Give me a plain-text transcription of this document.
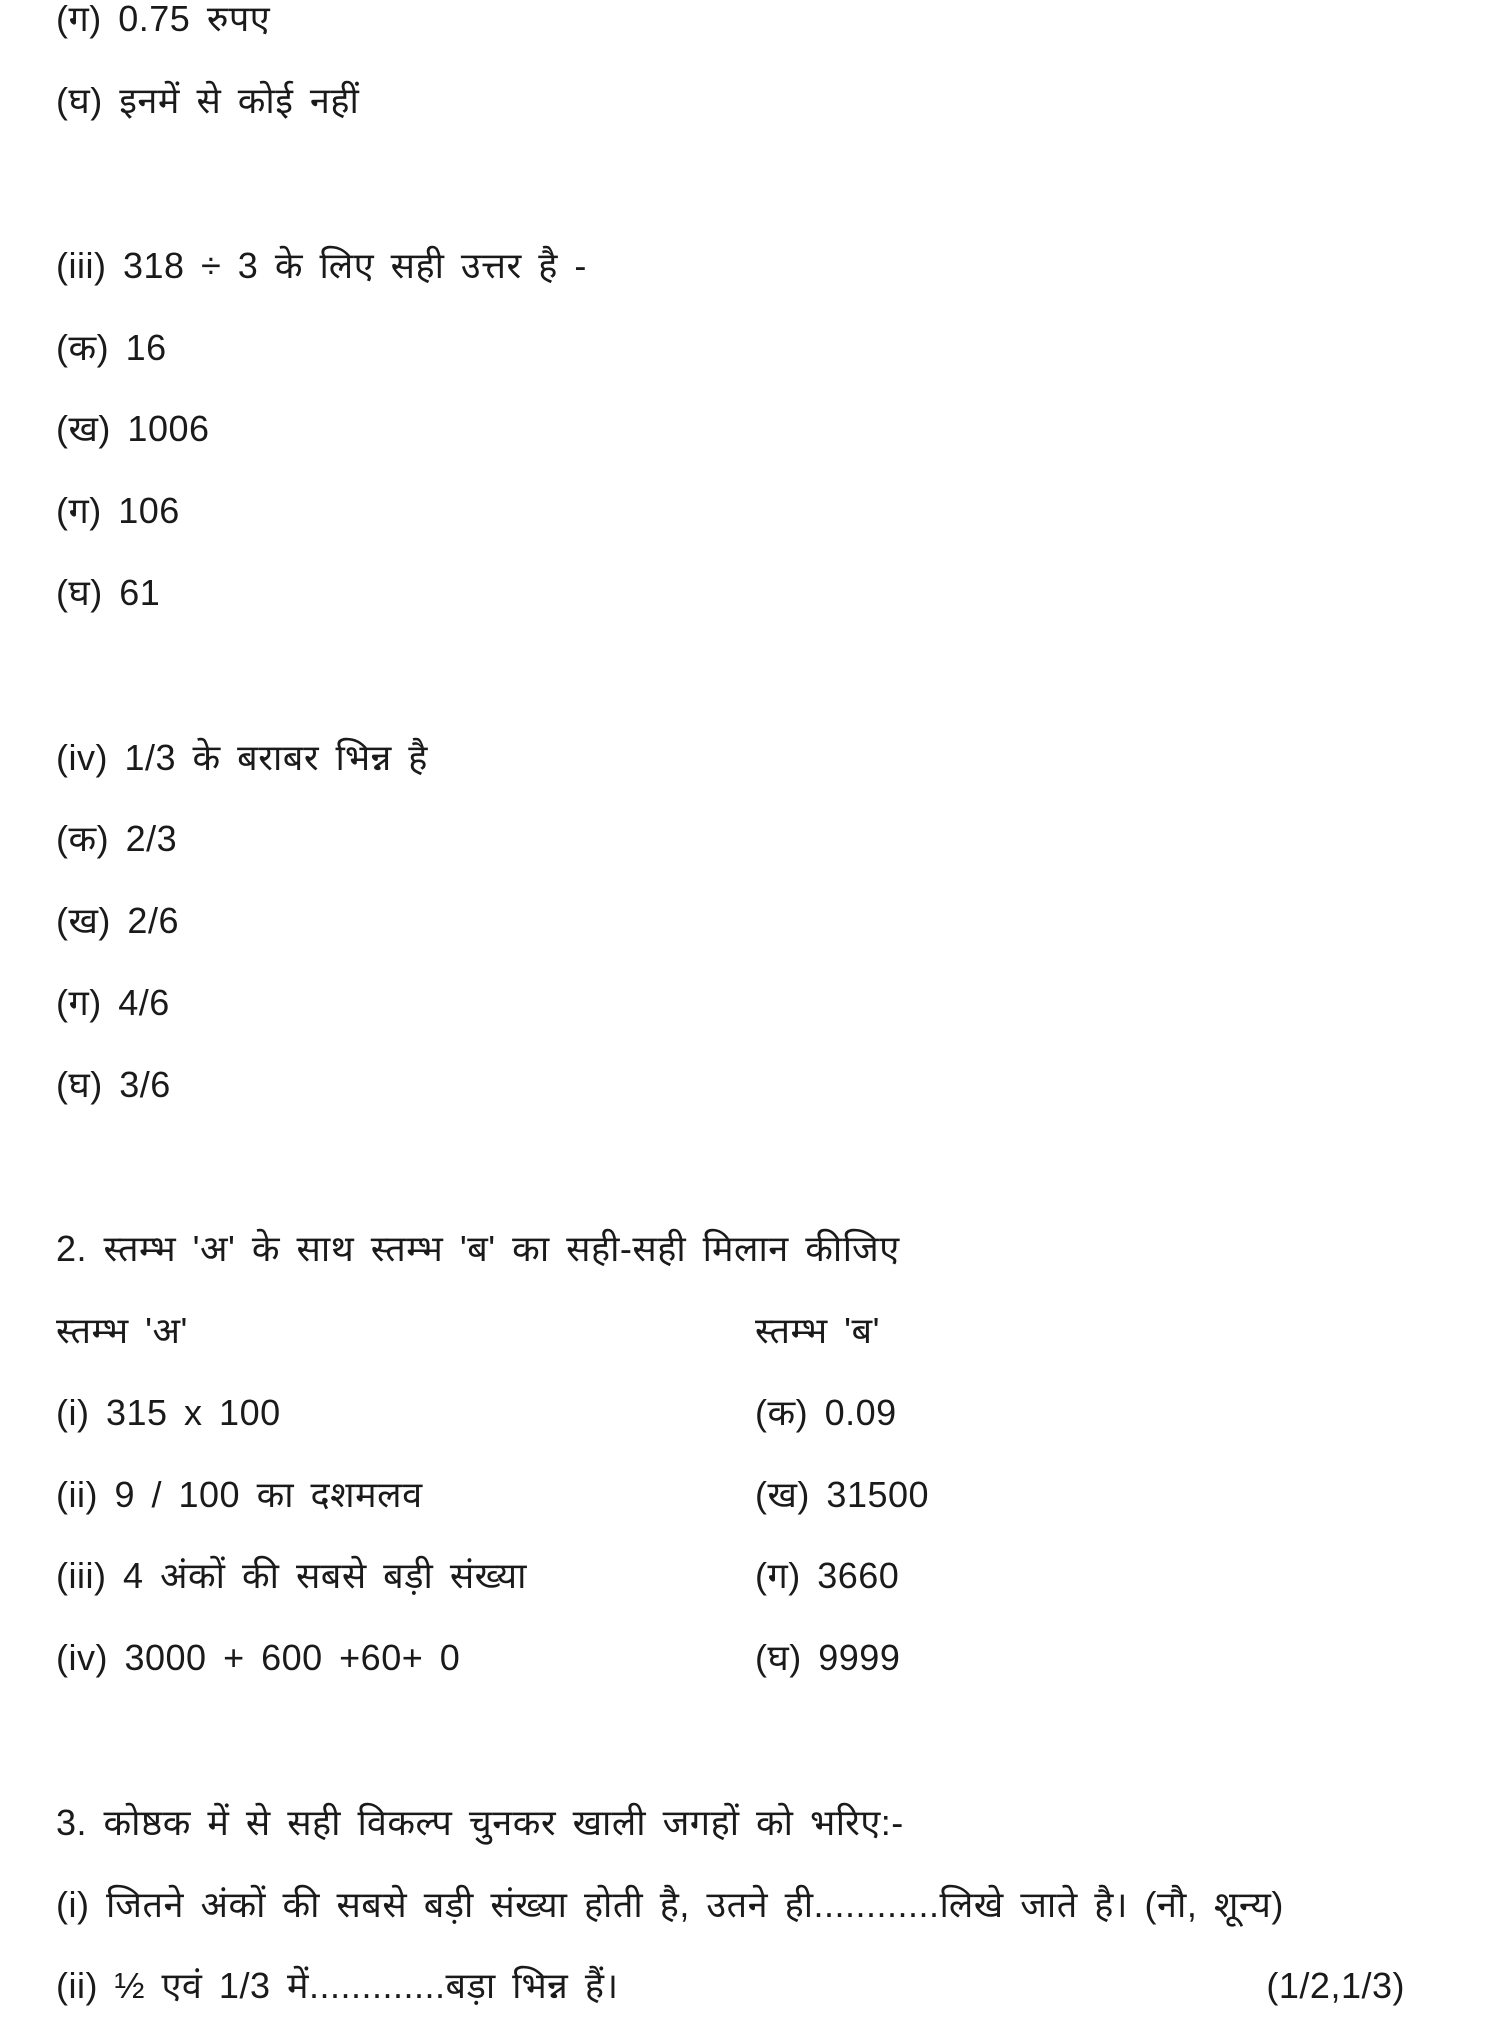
(ग) 0.75 रुपए
(घ) इनमें से कोई नहीं
(iii) 318 ÷ 3 के लिए सही उत्तर है -
(क) 16
(ख) 1006
(ग) 106
(घ) 61
(iv) 1/3 के बराबर भिन्न है
(क) 2/3
(ख) 2/6
(ग) 4/6
(घ) 3/6
2. स्तम्भ 'अ' के साथ स्तम्भ 'ब' का सही-सही मिलान कीजिए
स्तम्भ 'अ'	स्तम्भ 'ब'
(i) 315 x 100	(क) 0.09
(ii) 9 / 100 का दशमलव	(ख) 31500
(iii) 4 अंकों की सबसे बड़ी संख्या	(ग) 3660
(iv) 3000 + 600 +60+ 0	(घ) 9999
3. कोष्ठक में से सही विकल्प चुनकर खाली जगहों को भरिए:-
(i) जितने अंकों की सबसे बड़ी संख्या होती है, उतने ही............लिखे जाते है। (नौ, शून्य)
(ii) ½ एवं 1/3 में.............बड़ा भिन्न हैं।	(1/2,1/3)
